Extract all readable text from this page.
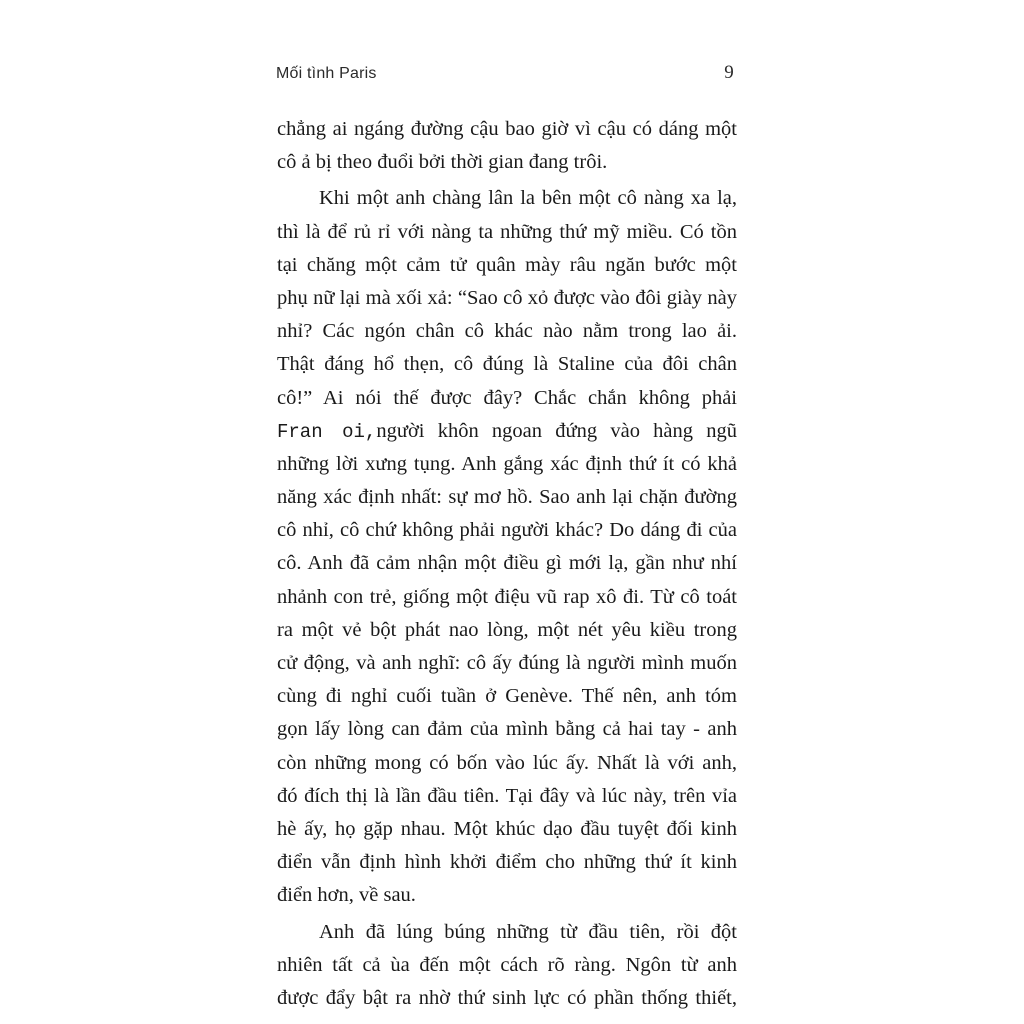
Mối tình Paris	9
chẳng ai ngáng đường cậu bao giờ vì cậu có dáng một
cô ả bị theo đuổi bởi thời gian đang trôi.
Khi một anh chàng lân la bên một cô nàng xa lạ,
thì là để rủ rỉ với nàng ta những thứ mỹ miều. Có tồn
tại chăng một cảm tử quân mày râu ngăn bước một
phụ nữ lại mà xối xả: “Sao cô xỏ được vào đôi giày này
nhỉ? Các ngón chân cô khác nào nằm trong lao ải.
Thật đáng hổ thẹn, cô đúng là Staline của đôi chân
cô!” Ai nói thế được đây? Chắc chắn không phải
Fran oi,người khôn ngoan đứng vào hàng ngũ
những lời xưng tụng. Anh gắng xác định thứ ít có khả
năng xác định nhất: sự mơ hồ. Sao anh lại chặn đường
cô nhỉ, cô chứ không phải người khác? Do dáng đi của
cô. Anh đã cảm nhận một điều gì mới lạ, gần như nhí
nhảnh con trẻ, giống một điệu vũ rap xô đi. Từ cô toát
ra một vẻ bột phát nao lòng, một nét yêu kiều trong
cử động, và anh nghĩ: cô ấy đúng là người mình muốn
cùng đi nghỉ cuối tuần ở Genève. Thế nên, anh tóm
gọn lấy lòng can đảm của mình bằng cả hai tay - anh
còn những mong có bốn vào lúc ấy. Nhất là với anh,
đó đích thị là lần đầu tiên. Tại đây và lúc này, trên vỉa
hè ấy, họ gặp nhau. Một khúc dạo đầu tuyệt đối kinh
điển vẫn định hình khởi điểm cho những thứ ít kinh
điển hơn, về sau.
Anh đã lúng búng những từ đầu tiên, rồi đột
nhiên tất cả ùa đến một cách rõ ràng. Ngôn từ anh
được đẩy bật ra nhờ thứ sinh lực có phần thống thiết,
